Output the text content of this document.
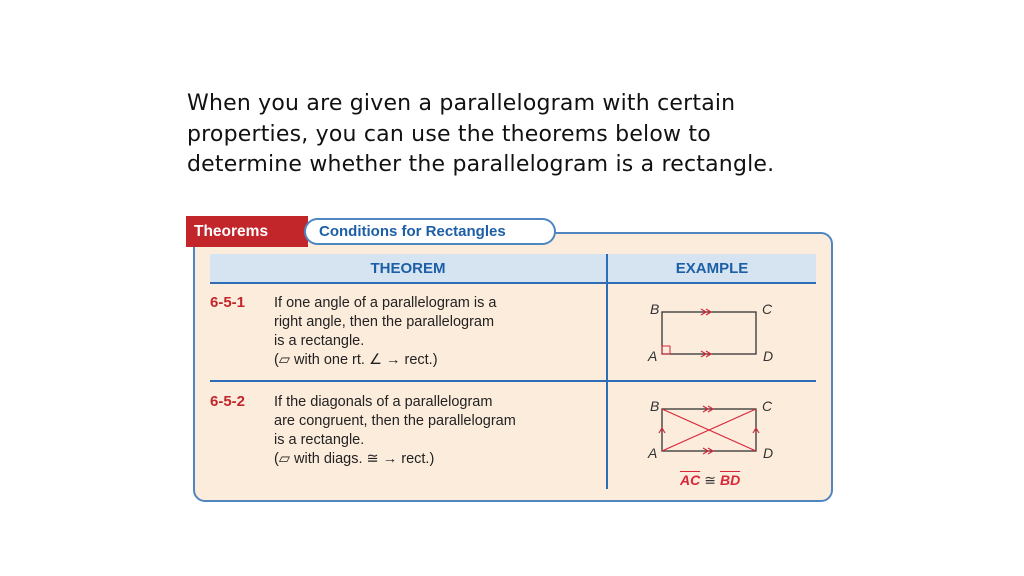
When you are given a parallelogram with certain

properties, you can use the theorems below to

determine whether the parallelogram is a rectangle.

Theorems	Conditions for Rectangles
THEOREM	EXAMPLE
6-5-1 If one angle of a parallelogram is a

right angle, then the parallelogram

is a rectangle.

(▱ with one rt. ∠ → rect.)

B	C
A	D
6-5-2 If the diagonals of a parallelogram

are congruent, then the parallelogram

is a rectangle.

(▱ with diags. ≅ → rect.)

B	C
A	D
$\overline{AC}$ ≅ $\overline{BD}$
